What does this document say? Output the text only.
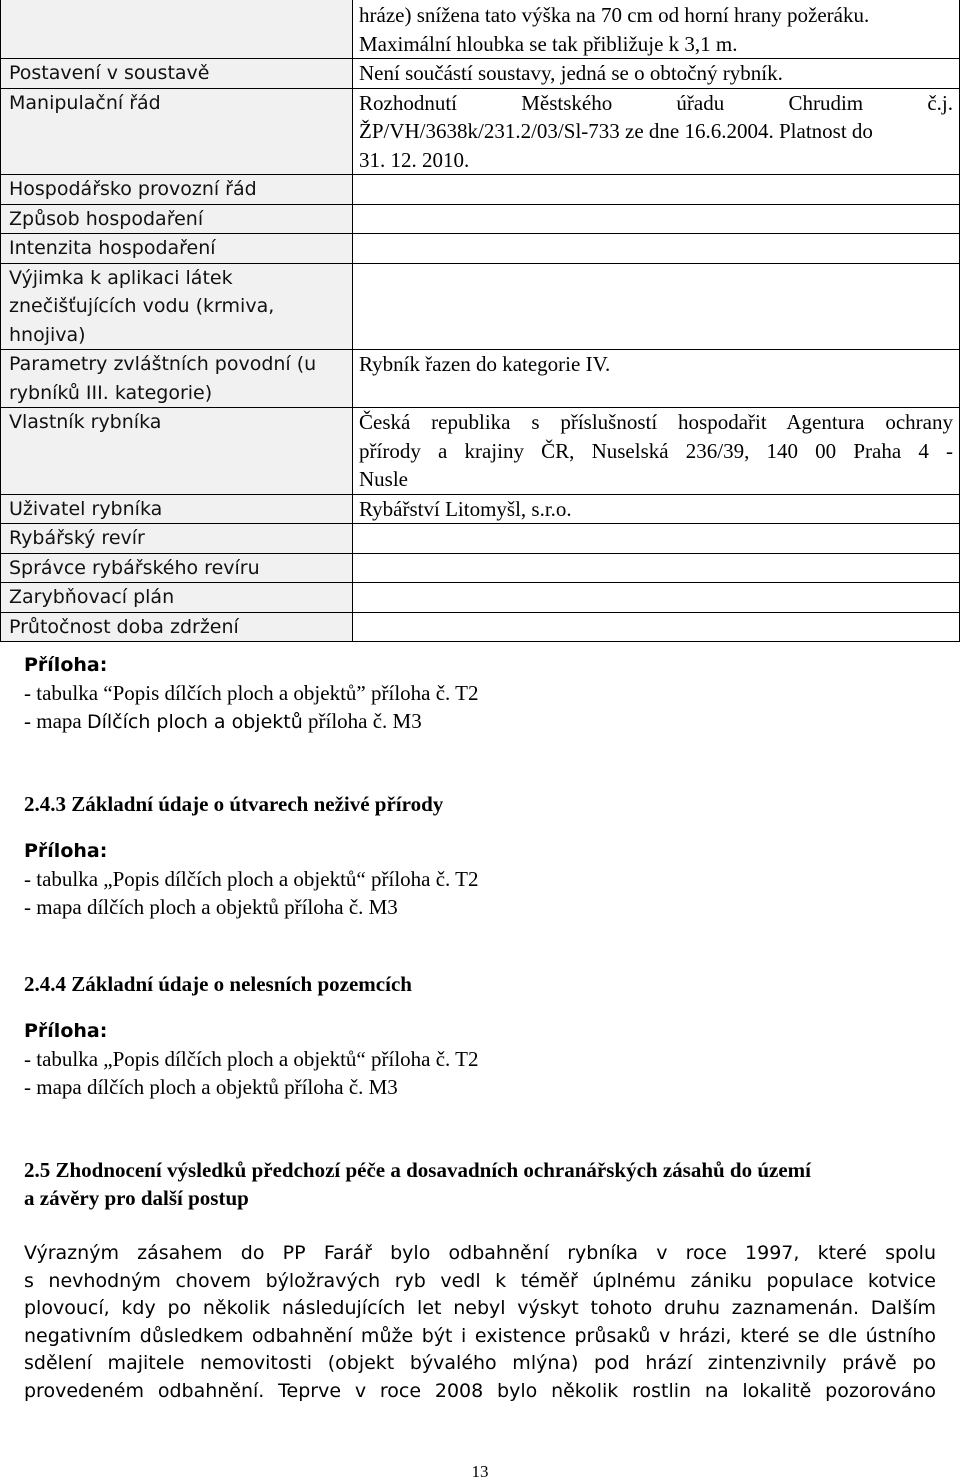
	hráze) snížena tato výška na 70 cm od horní hrany požeráku.
Maximální hloubka se tak přibližuje k 3,1 m.
Postavení v soustavě	Není součástí soustavy, jedná se o obtočný rybník.
Manipulační řád	Rozhodnutí Městského úřadu Chrudim č.j.
ŽP/VH/3638k/231.2/03/Sl-733 ze dne 16.6.2004. Platnost do
31. 12. 2010.
Hospodářsko provozní řád	
Způsob hospodaření	
Intenzita hospodaření	
Výjimka k aplikaci látek znečišťujících vodu (krmiva, hnojiva)	
Parametry zvláštních povodní (u rybníků III. kategorie)	Rybník řazen do kategorie IV.
Vlastník rybníka	Česká republika s příslušností hospodařit Agentura ochrany
přírody a krajiny ČR, Nuselská 236/39, 140 00 Praha 4 -
Nusle
Uživatel rybníka	Rybářství Litomyšl, s.r.o.
Rybářský revír	
Správce rybářského revíru	
Zarybňovací plán	
Průtočnost doba zdržení	
Příloha:
- tabulka “Popis dílčích ploch a objektů” příloha č. T2
- mapa Dílčích ploch a objektů příloha č. M3
2.4.3 Základní údaje o útvarech neživé přírody
Příloha:
- tabulka „Popis dílčích ploch a objektů“ příloha č. T2
- mapa dílčích ploch a objektů příloha č. M3
2.4.4 Základní údaje o nelesních pozemcích
Příloha:
- tabulka „Popis dílčích ploch a objektů“ příloha č. T2
- mapa dílčích ploch a objektů příloha č. M3
2.5 Zhodnocení výsledků předchozí péče a dosavadních ochranářských zásahů do území
a závěry pro další postup
Výrazným zásahem do PP Farář bylo odbahnění rybníka v roce 1997, které spolu
s nevhodným chovem býložravých ryb vedl k téměř úplnému zániku populace kotvice
plovoucí, kdy po několik následujících let nebyl výskyt tohoto druhu zaznamenán. Dalším
negativním důsledkem odbahnění může být i existence průsaků v hrázi, které se dle ústního
sdělení majitele nemovitosti (objekt bývalého mlýna) pod hrází zintenzivnily právě po
provedeném odbahnění. Teprve v roce 2008 bylo několik rostlin na lokalitě pozorováno
13
